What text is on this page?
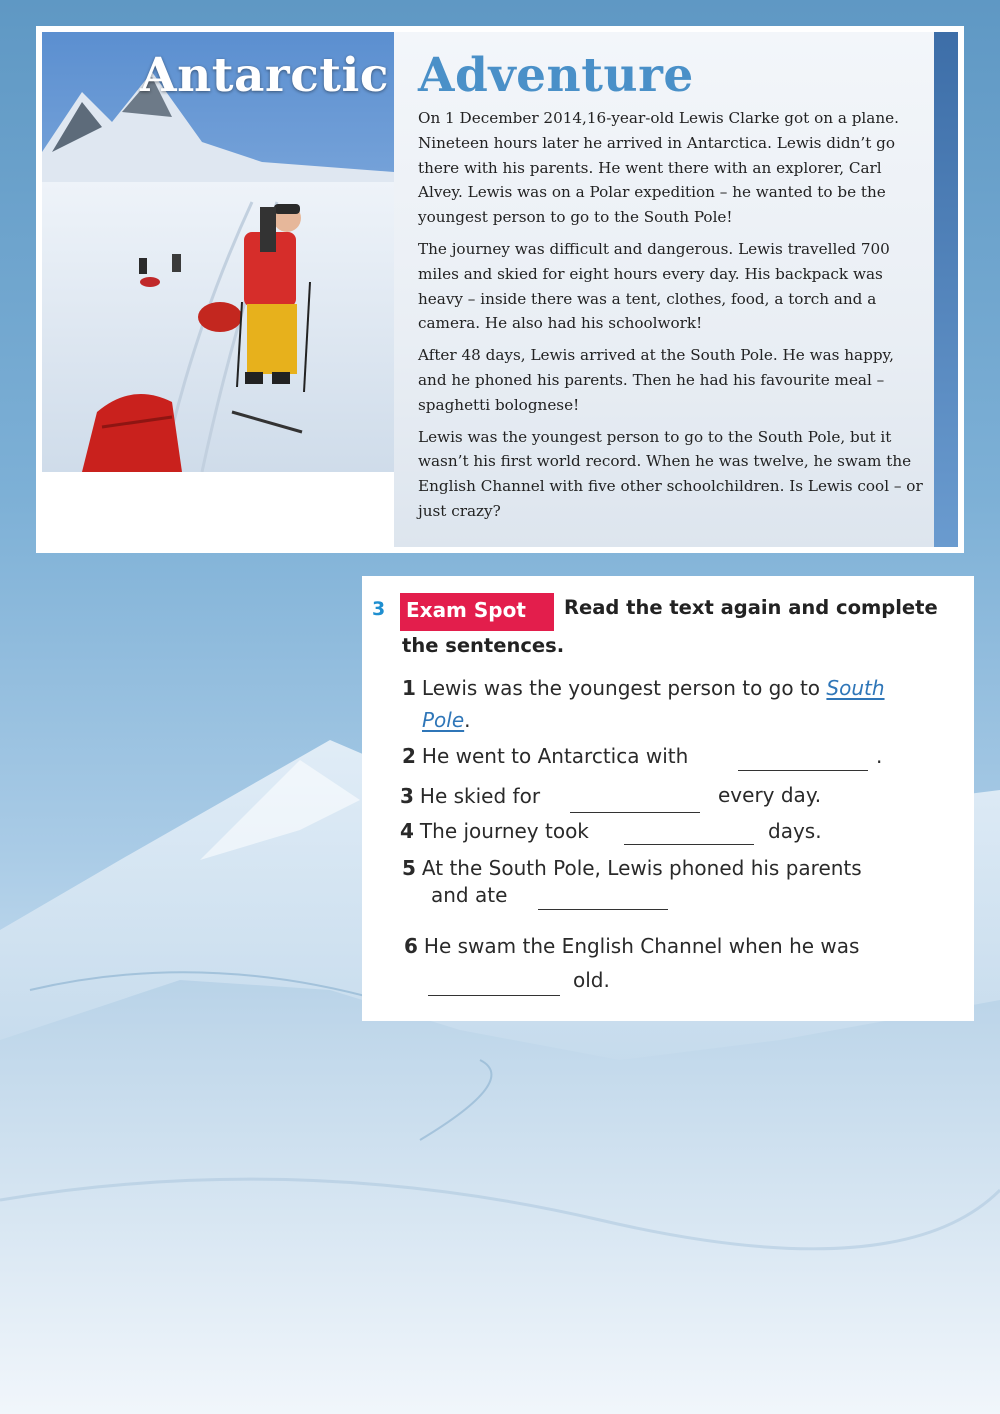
Antarctic Adventure

On 1 December 2014,16-year-old Lewis Clarke got on a plane. Nineteen hours later he arrived in Antarctica. Lewis didn’t go there with his parents. He went there with an explorer, Carl Alvey. Lewis was on a Polar expedition – he wanted to be the youngest person to go to the South Pole!

The journey was difficult and dangerous. Lewis travelled 700 miles and skied for eight hours every day. His backpack was heavy – inside there was a tent, clothes, food, a torch and a camera. He also had his schoolwork!

After 48 days, Lewis arrived at the South Pole. He was happy, and he phoned his parents. Then he had his favourite meal – spaghetti bolognese!

Lewis was the youngest person to go to the South Pole, but it wasn’t his first world record. When he was twelve, he swam the English Channel with five other schoolchildren. Is Lewis cool – or just crazy?

3	Exam Spot	Read the text again and complete
the sentences.
1 Lewis was the youngest person to go to South
Pole.
2 He went to Antarctica with	.
3 He skied for	every day.
4 The journey took	days.
5 At the South Pole, Lewis phoned his parents
and ate
6 He swam the English Channel when he was
old.
